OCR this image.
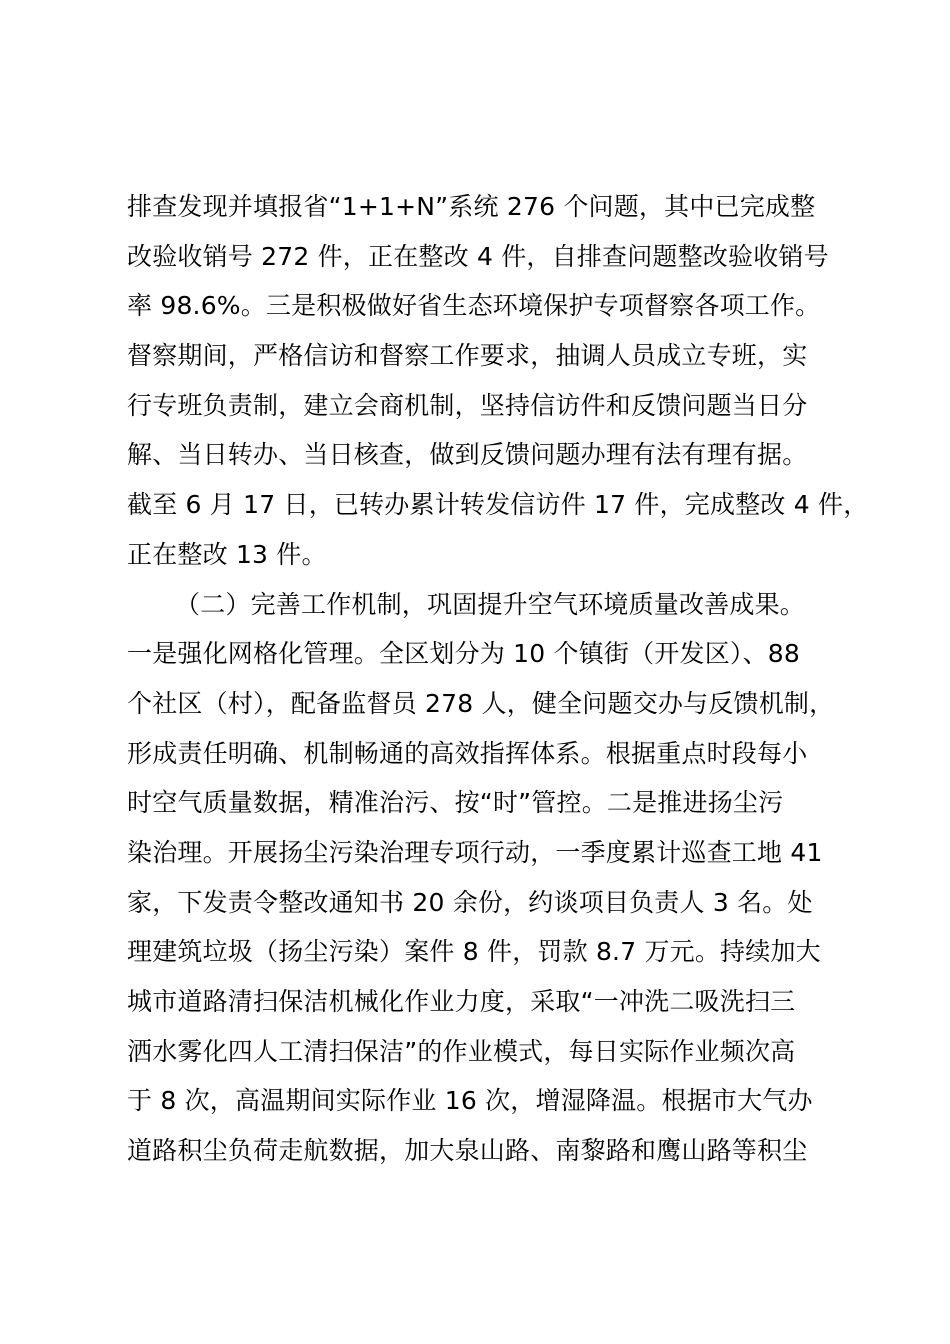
排查发现并填报省“1+1+N”系统 276 个问题，其中已完成整
改验收销号 272 件，正在整改 4 件，自排查问题整改验收销号
率 98.6%。三是积极做好省生态环境保护专项督察各项工作。
督察期间，严格信访和督察工作要求，抽调人员成立专班，实
行专班负责制，建立会商机制，坚持信访件和反馈问题当日分
解、当日转办、当日核查，做到反馈问题办理有法有理有据。
截至 6 月 17 日，已转办累计转发信访件 17 件，完成整改 4 件，
正在整改 13 件。
（二）完善工作机制，巩固提升空气环境质量改善成果。
一是强化网格化管理。全区划分为 10 个镇街（开发区）、88
个社区（村），配备监督员 278 人，健全问题交办与反馈机制，
形成责任明确、机制畅通的高效指挥体系。根据重点时段每小
时空气质量数据，精准治污、按“时”管控。二是推进扬尘污
染治理。开展扬尘污染治理专项行动，一季度累计巡查工地 41
家，下发责令整改通知书 20 余份，约谈项目负责人 3 名。处
理建筑垃圾（扬尘污染）案件 8 件，罚款 8.7 万元。持续加大
城市道路清扫保洁机械化作业力度，采取“一冲洗二吸洗扫三
洒水雾化四人工清扫保洁”的作业模式，每日实际作业频次高
于 8 次，高温期间实际作业 16 次，增湿降温。根据市大气办
道路积尘负荷走航数据，加大泉山路、南黎路和鹰山路等积尘
